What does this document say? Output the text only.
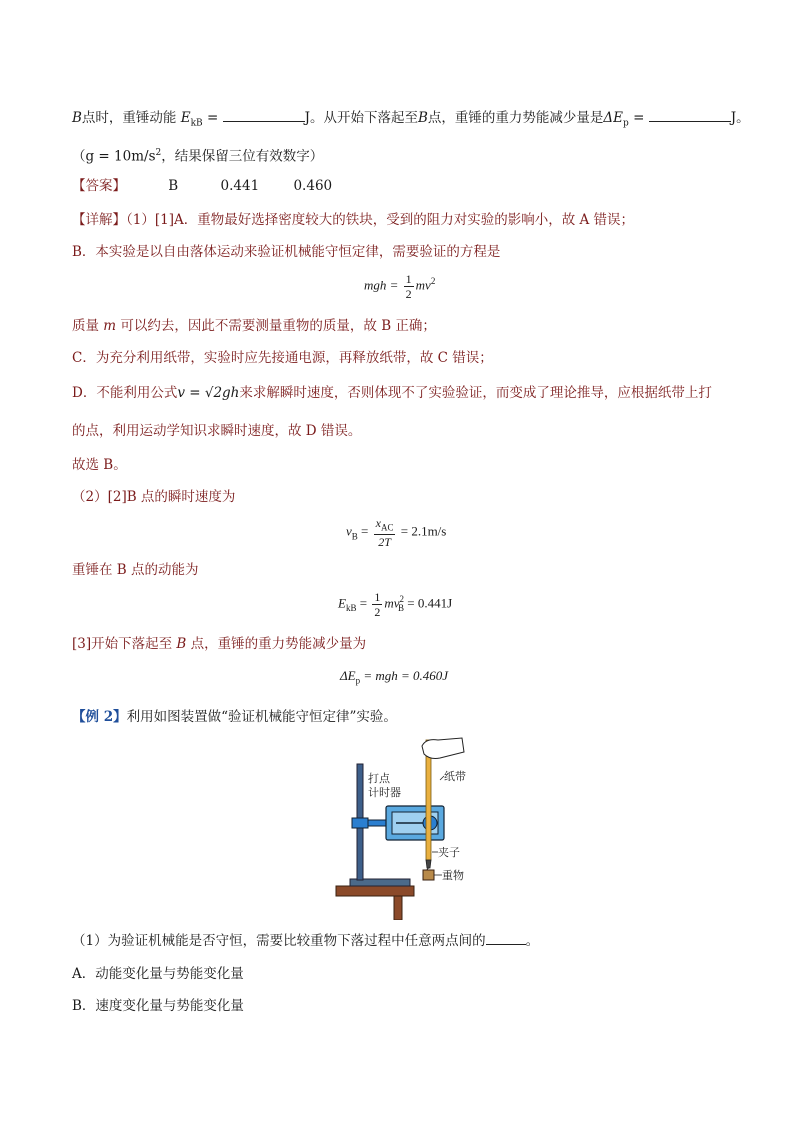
B点时，重锤动能 $E_{kB}$ =	J。从开始下落起至B点，重锤的重力势能减少量是$\Delta E_p$ =	J。
（$g = 10m/s^2$，结果保留三位有效数字）
【答案】	B	0.441	0.460
【详解】（1）[1]A．重物最好选择密度较大的铁块，受到的阻力对实验的影响小，故 A 错误；
B．本实验是以自由落体运动来验证机械能守恒定律，需要验证的方程是
mgh = $\frac{1}{2} mv^2$
质量 m 可以约去，因此不需要测量重物的质量，故 B 正确；
C．为充分利用纸带，实验时应先接通电源，再释放纸带，故 C 错误；
D．不能利用公式v = √2gh来求解瞬时速度，否则体现不了实验验证，而变成了理论推导，应根据纸带上打
的点，利用运动学知识求瞬时速度，故 D 错误。
故选 B。
（2）[2]B 点的瞬时速度为
$v_B = \frac{x_{AC}}{2T} = 2.1m/s$
重锤在 B 点的动能为
$E_{kB} = \frac{1}{2} mv^2_B = 0.441J$
[3]开始下落起至 B 点，重锤的重力势能减少量为
$\Delta E_p$ = mgh = 0.460J
【例 2】利用如图装置做“验证机械能守恒定律”实验。
打点
计时器
纸带
夹子
重物
（1）为验证机械能是否守恒，需要比较重物下落过程中任意两点间的	。
A．动能变化量与势能变化量
B．速度变化量与势能变化量
